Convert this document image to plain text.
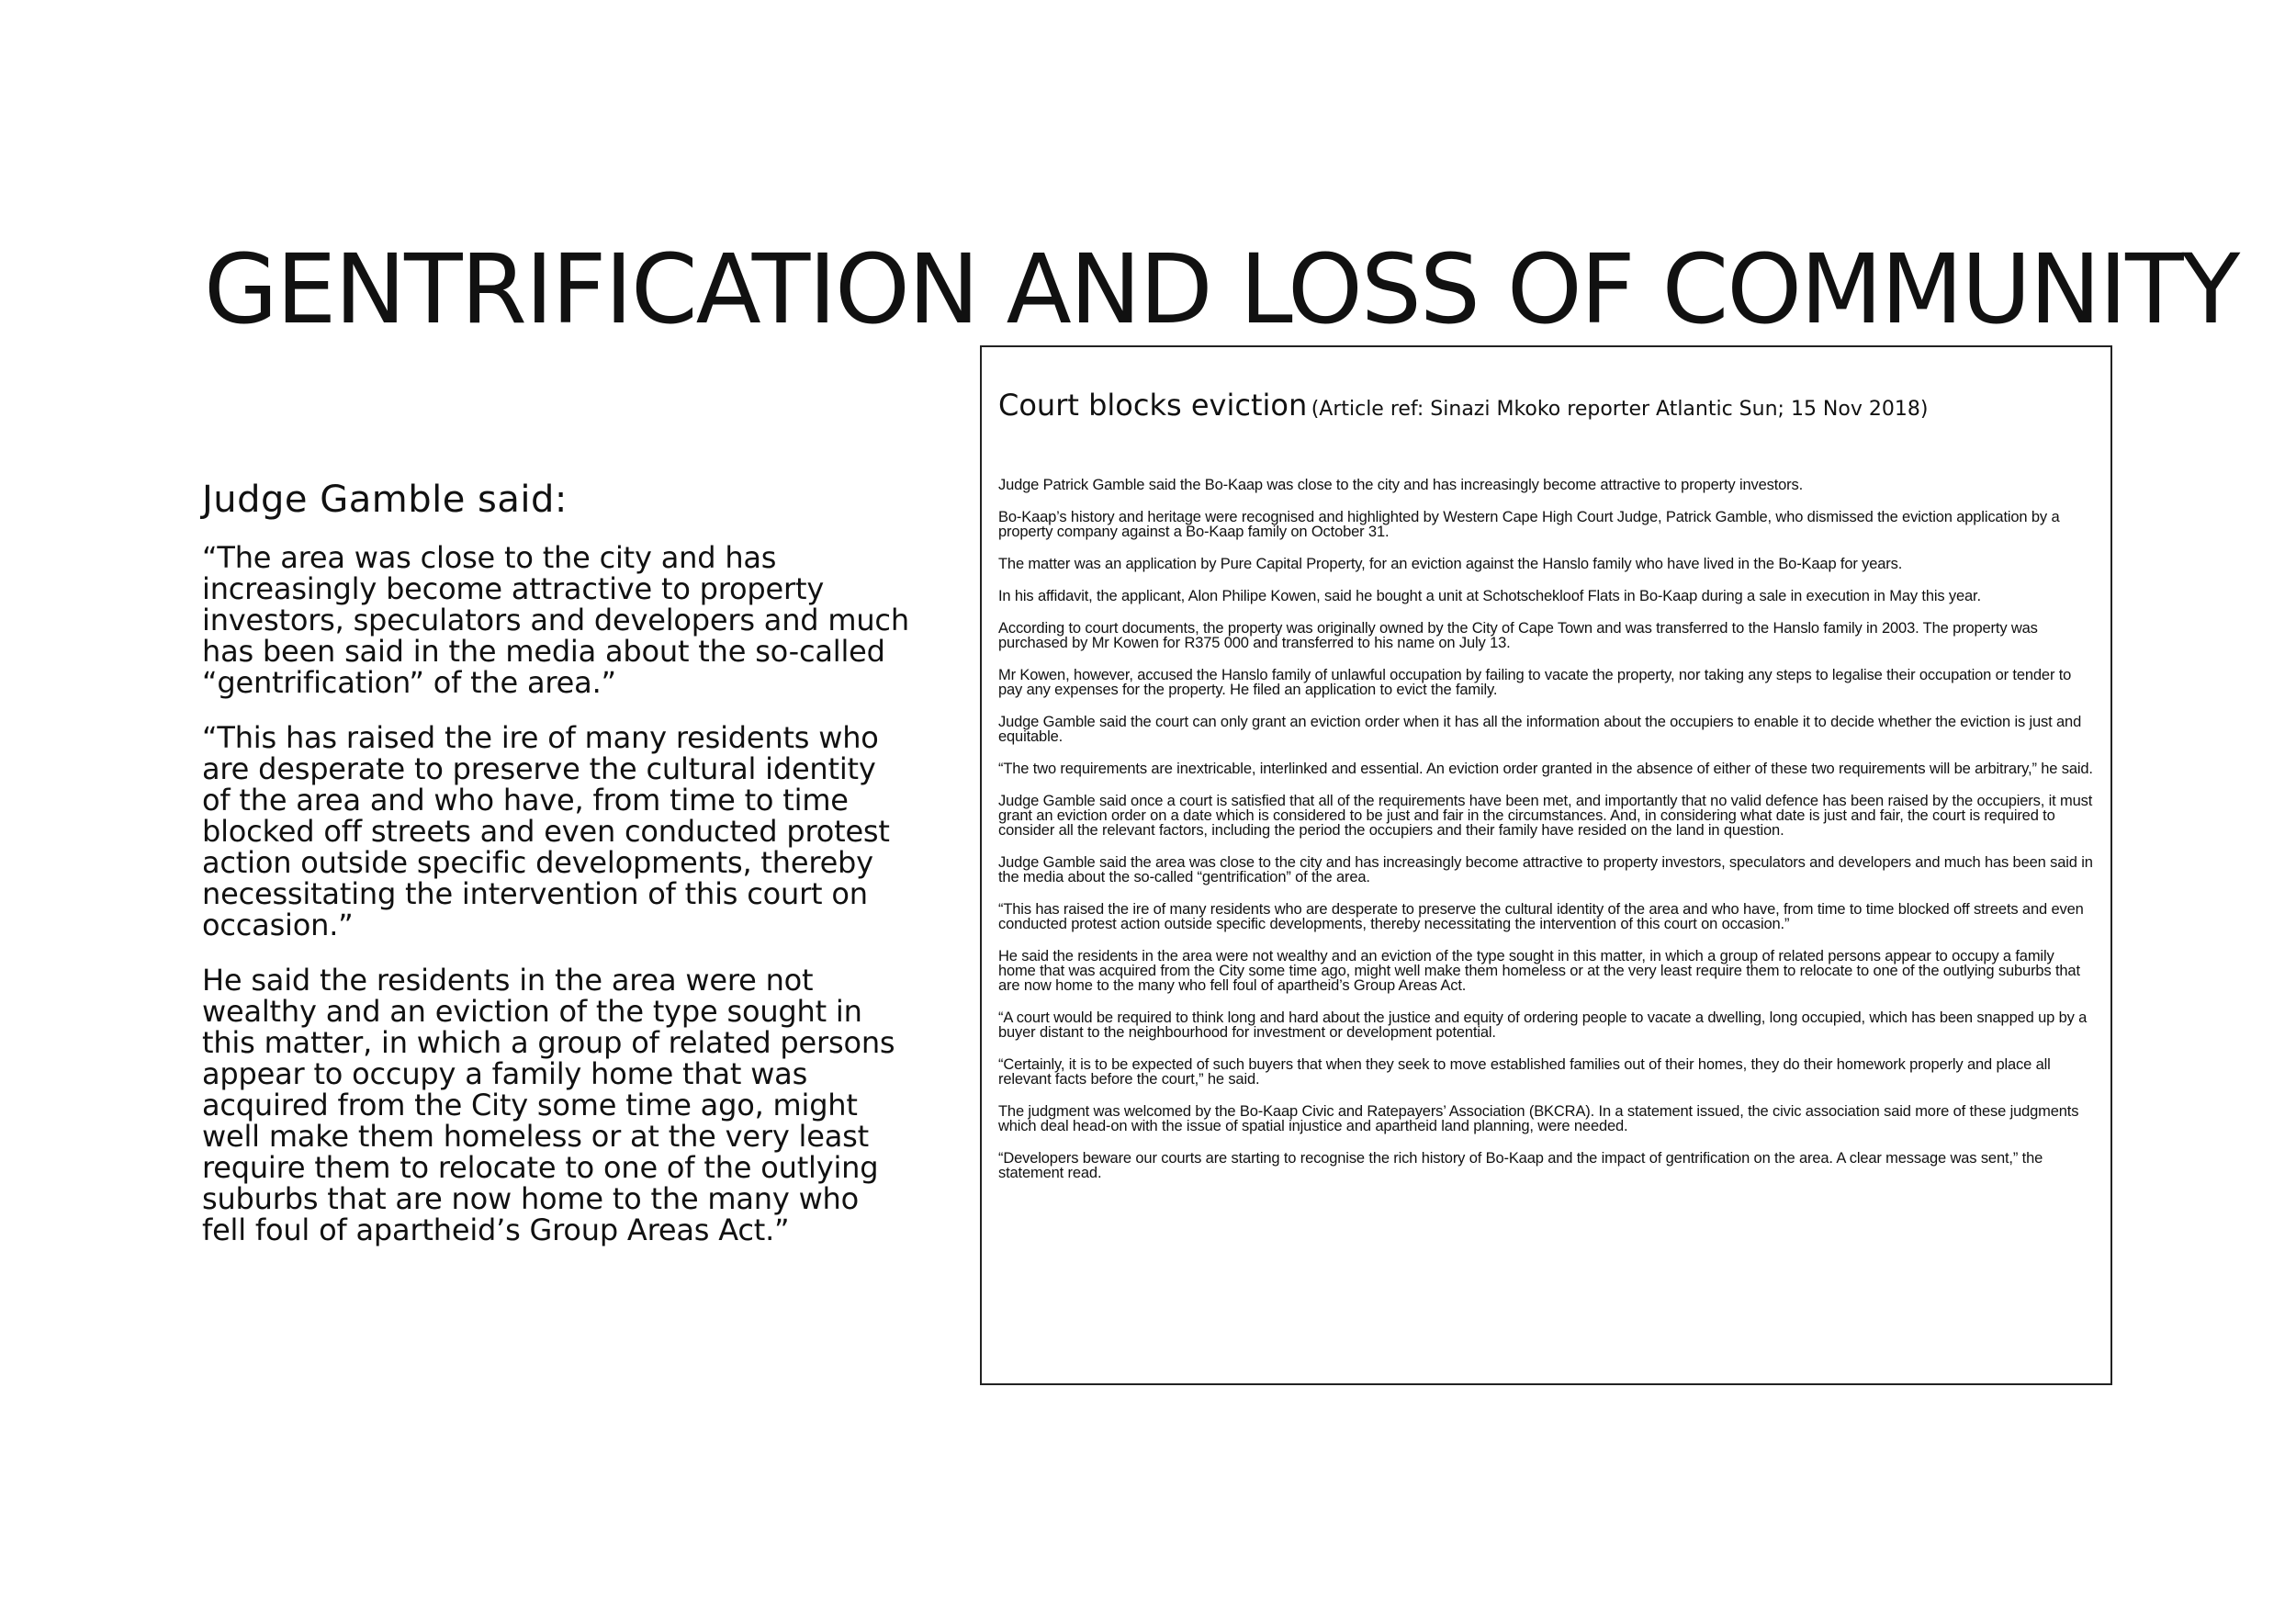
GENTRIFICATION AND LOSS OF COMMUNITY

Judge Gamble said:

“The area was close to the city and has increasingly become attractive to property investors, speculators and developers and much has been said in the media about the so-called “gentrification” of the area.”

“This has raised the ire of many residents who are desperate to preserve the cultural identity of the area and who have, from time to time blocked off streets and even conducted protest action outside specific developments, thereby necessitating the intervention of this court on occasion.”

He said the residents in the area were not wealthy and an eviction of the type sought in this matter, in which a group of related persons appear to occupy a family home that was acquired from the City some time ago, might well make them homeless or at the very least require them to relocate to one of the outlying suburbs that are now home to the many who fell foul of apartheid’s Group Areas Act.”

Court blocks eviction (Article ref: Sinazi Mkoko reporter Atlantic Sun; 15 Nov 2018)

Judge Patrick Gamble said the Bo-Kaap was close to the city and has increasingly become attractive to property investors.

Bo-Kaap’s history and heritage were recognised and highlighted by Western Cape High Court Judge, Patrick Gamble, who dismissed the eviction application by a property company against a Bo-Kaap family on October 31.

The matter was an application by Pure Capital Property, for an eviction against the Hanslo family who have lived in the Bo-Kaap for years.

In his affidavit, the applicant, Alon Philipe Kowen, said he bought a unit at Schotschekloof Flats in Bo-Kaap during a sale in execution in May this year.

According to court documents, the property was originally owned by the City of Cape Town and was transferred to the Hanslo family in 2003. The property was purchased by Mr Kowen for R375 000 and transferred to his name on July 13.

Mr Kowen, however, accused the Hanslo family of unlawful occupation by failing to vacate the property, nor taking any steps to legalise their occupation or tender to pay any expenses for the property. He filed an application to evict the family.

Judge Gamble said the court can only grant an eviction order when it has all the information about the occupiers to enable it to decide whether the eviction is just and equitable.

“The two requirements are inextricable, interlinked and essential. An eviction order granted in the absence of either of these two requirements will be arbitrary,” he said.

Judge Gamble said once a court is satisfied that all of the requirements have been met, and importantly that no valid defence has been raised by the occupiers, it must grant an eviction order on a date which is considered to be just and fair in the circumstances. And, in considering what date is just and fair, the court is required to consider all the relevant factors, including the period the occupiers and their family have resided on the land in question.

Judge Gamble said the area was close to the city and has increasingly become attractive to property investors, speculators and developers and much has been said in the media about the so-called “gentrification” of the area.

“This has raised the ire of many residents who are desperate to preserve the cultural identity of the area and who have, from time to time blocked off streets and even conducted protest action outside specific developments, thereby necessitating the intervention of this court on occasion.”

He said the residents in the area were not wealthy and an eviction of the type sought in this matter, in which a group of related persons appear to occupy a family home that was acquired from the City some time ago, might well make them homeless or at the very least require them to relocate to one of the outlying suburbs that are now home to the many who fell foul of apartheid’s Group Areas Act.

“A court would be required to think long and hard about the justice and equity of ordering people to vacate a dwelling, long occupied, which has been snapped up by a buyer distant to the neighbourhood for investment or development potential.

“Certainly, it is to be expected of such buyers that when they seek to move established families out of their homes, they do their homework properly and place all relevant facts before the court,” he said.

The judgment was welcomed by the Bo-Kaap Civic and Ratepayers’ Association (BKCRA). In a statement issued, the civic association said more of these judgments which deal head-on with the issue of spatial injustice and apartheid land planning, were needed.

“Developers beware our courts are starting to recognise the rich history of Bo-Kaap and the impact of gentrification on the area. A clear message was sent,” the statement read.
